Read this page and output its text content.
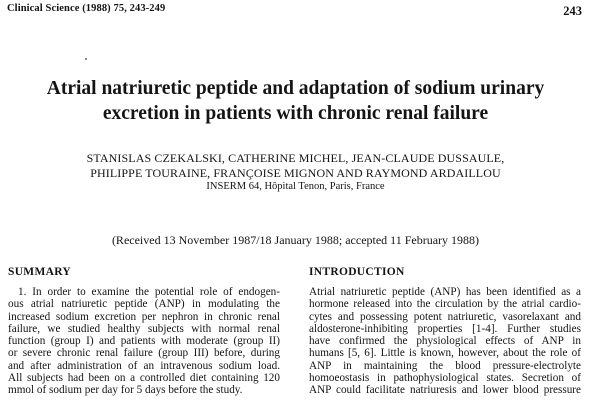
Clinical Science (1988) 75, 243-249	243
Atrial natriuretic peptide and adaptation of sodium urinary
excretion in patients with chronic renal failure
STANISLAS CZEKALSKI, CATHERINE MICHEL, JEAN-CLAUDE DUSSAULE,
PHILIPPE TOURAINE, FRANÇOISE MIGNON AND RAYMOND ARDAILLOU
INSERM 64, Hôpital Tenon, Paris, France
(Received 13 November 1987/18 January 1988; accepted 11 February 1988)
SUMMARY
1. In order to examine the potential role of endogen-
ous atrial natriuretic peptide (ANP) in modulating the
increased sodium excretion per nephron in chronic renal
failure, we studied healthy subjects with normal renal
function (group I) and patients with moderate (group II)
or severe chronic renal failure (group III) before, during
and after administration of an intravenous sodium load.
All subjects had been on a controlled diet containing 120
mmol of sodium per day for 5 days before the study.
INTRODUCTION
Atrial natriuretic peptide (ANP) has been identified as a
hormone released into the circulation by the atrial cardio-
cytes and possessing potent natriuretic, vasorelaxant and
aldosterone-inhibiting properties [1-4]. Further studies
have confirmed the physiological effects of ANP in
humans [5, 6]. Little is known, however, about the role of
ANP in maintaining the blood pressure-electrolyte
homoeostasis in pathophysiological states. Secretion of
ANP could facilitate natriuresis and lower blood pressure
